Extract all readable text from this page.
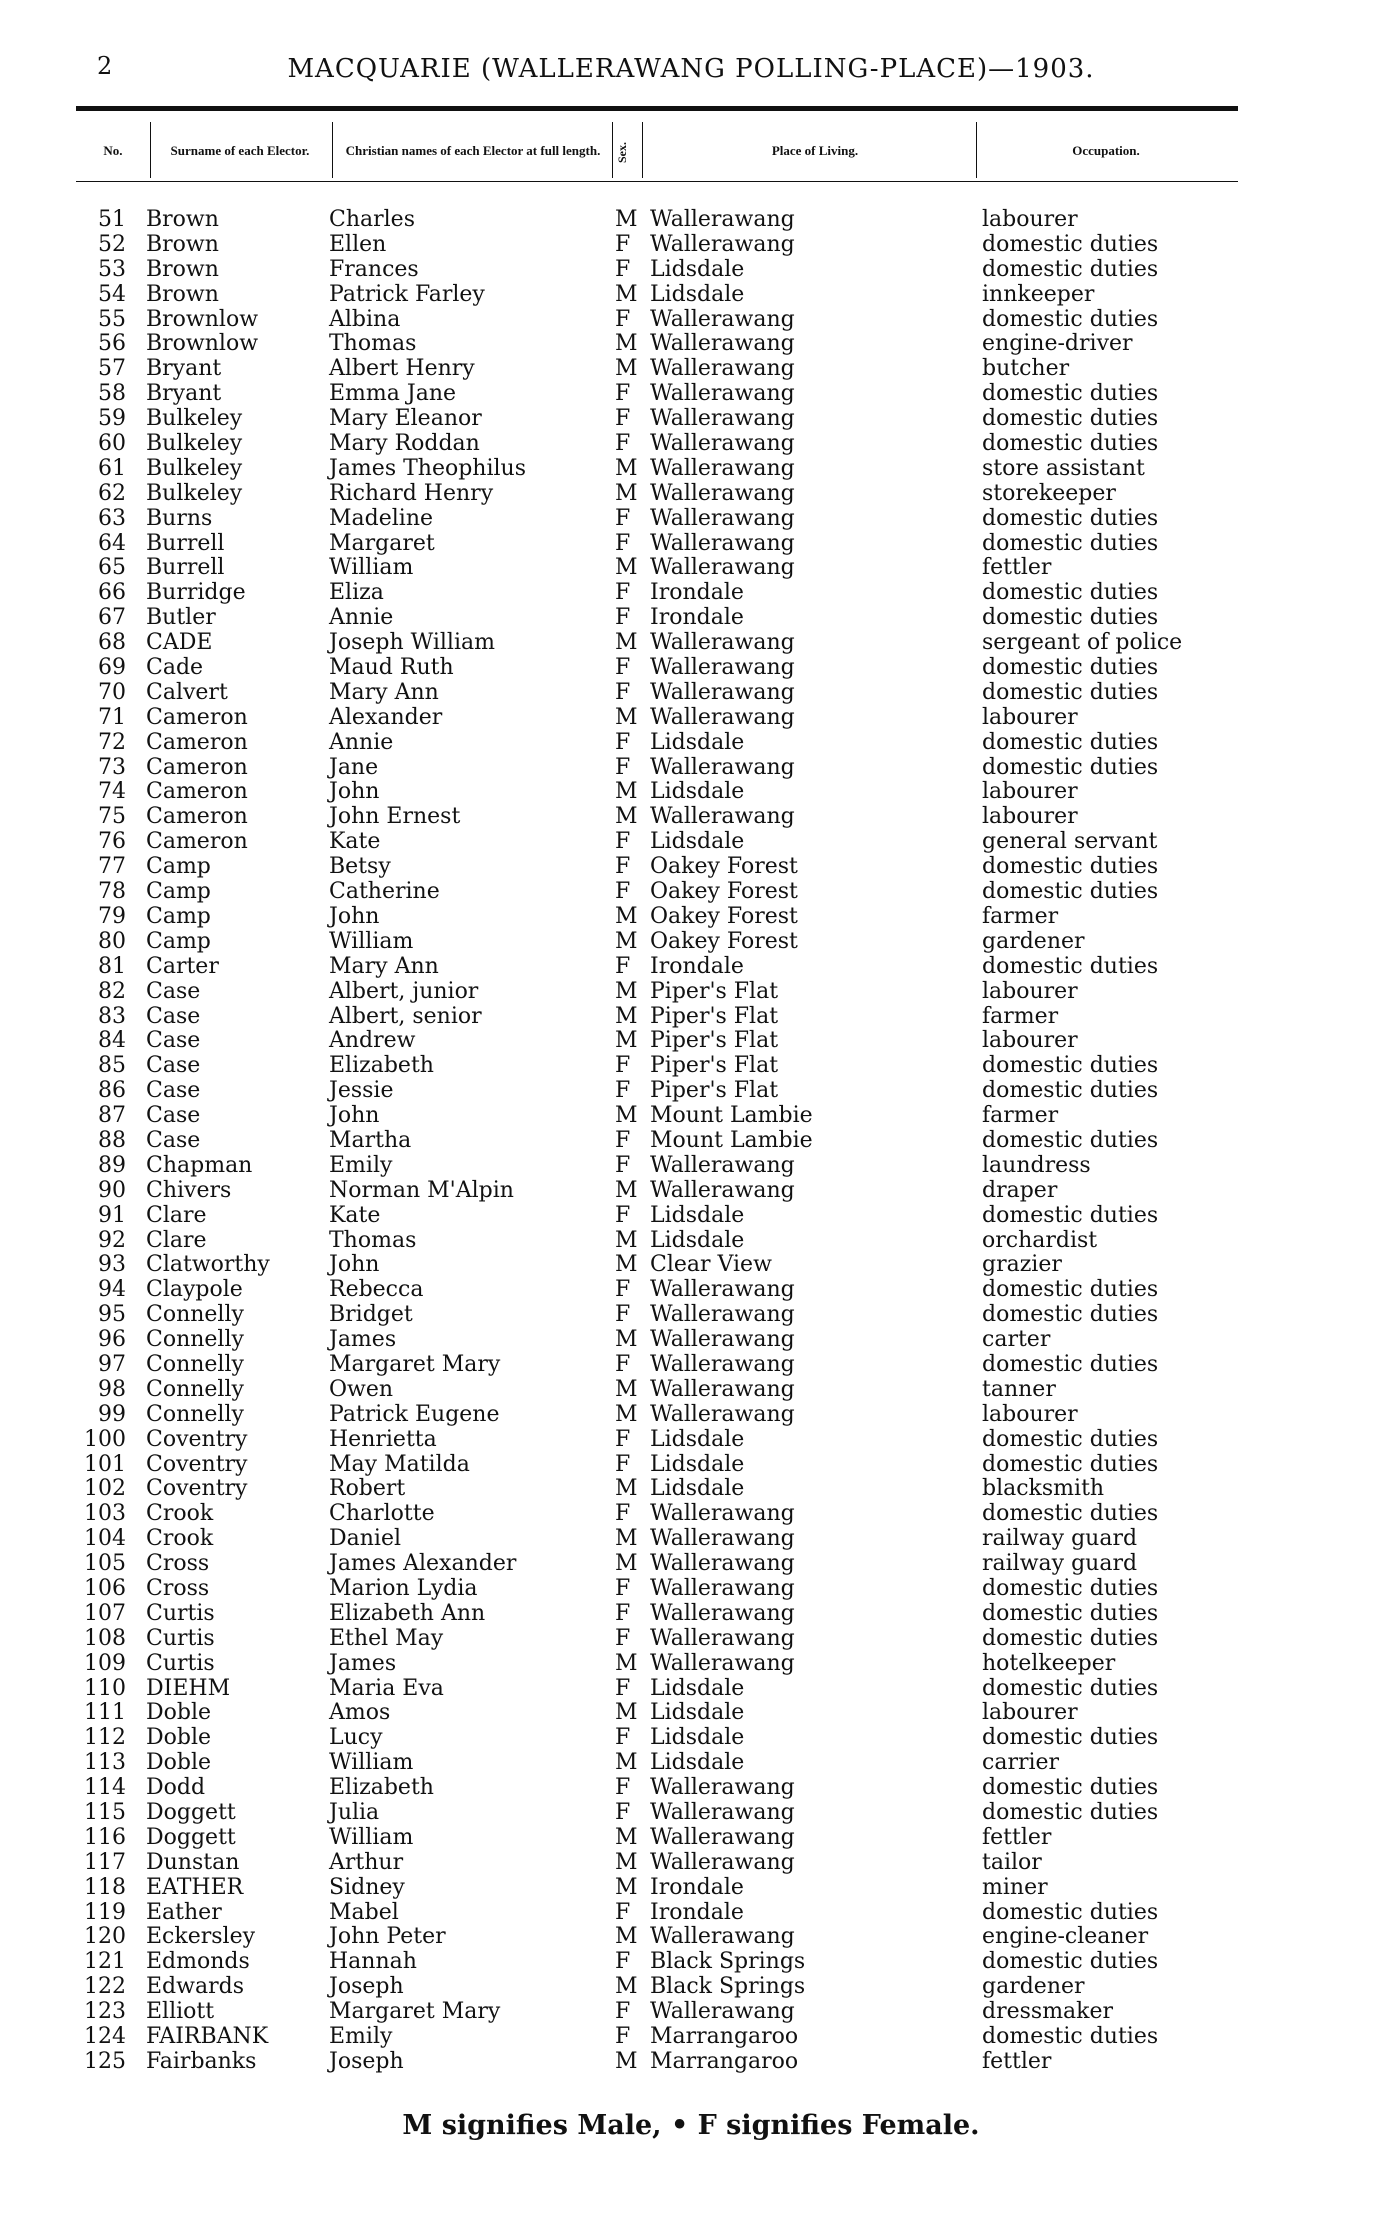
2	MACQUARIE (WALLERAWANG POLLING-PLACE)—1903.
No.	Surname of each Elector.	Christian names of each Elector at full length.	Sex.	Place of Living.	Occupation.
51 Brown	Charles	M Wallerawang	labourer
52 Brown	Ellen	F Wallerawang	domestic duties
53 Brown	Frances	F Lidsdale	domestic duties
54 Brown	Patrick Farley	M Lidsdale	innkeeper
55 Brownlow	Albina	F Wallerawang	domestic duties
56 Brownlow	Thomas	M Wallerawang	engine-driver
57 Bryant	Albert Henry	M Wallerawang	butcher
58 Bryant	Emma Jane	F Wallerawang	domestic duties
59 Bulkeley	Mary Eleanor	F Wallerawang	domestic duties
60 Bulkeley	Mary Roddan	F Wallerawang	domestic duties
61 Bulkeley	James Theophilus	M Wallerawang	store assistant
62 Bulkeley	Richard Henry	M Wallerawang	storekeeper
63 Burns	Madeline	F Wallerawang	domestic duties
64 Burrell	Margaret	F Wallerawang	domestic duties
65 Burrell	William	M Wallerawang	fettler
66 Burridge	Eliza	F Irondale	domestic duties
67 Butler	Annie	F Irondale	domestic duties
68 CADE	Joseph William	M Wallerawang	sergeant of police
69 Cade	Maud Ruth	F Wallerawang	domestic duties
70 Calvert	Mary Ann	F Wallerawang	domestic duties
71 Cameron	Alexander	M Wallerawang	labourer
72 Cameron	Annie	F Lidsdale	domestic duties
73 Cameron	Jane	F Wallerawang	domestic duties
74 Cameron	John	M Lidsdale	labourer
75 Cameron	John Ernest	M Wallerawang	labourer
76 Cameron	Kate	F Lidsdale	general servant
77 Camp	Betsy	F Oakey Forest	domestic duties
78 Camp	Catherine	F Oakey Forest	domestic duties
79 Camp	John	M Oakey Forest	farmer
80 Camp	William	M Oakey Forest	gardener
81 Carter	Mary Ann	F Irondale	domestic duties
82 Case	Albert, junior	M Piper's Flat	labourer
83 Case	Albert, senior	M Piper's Flat	farmer
84 Case	Andrew	M Piper's Flat	labourer
85 Case	Elizabeth	F Piper's Flat	domestic duties
86 Case	Jessie	F Piper's Flat	domestic duties
87 Case	John	M Mount Lambie	farmer
88 Case	Martha	F Mount Lambie	domestic duties
89 Chapman	Emily	F Wallerawang	laundress
90 Chivers	Norman M'Alpin	M Wallerawang	draper
91 Clare	Kate	F Lidsdale	domestic duties
92 Clare	Thomas	M Lidsdale	orchardist
93 Clatworthy	John	M Clear View	grazier
94 Claypole	Rebecca	F Wallerawang	domestic duties
95 Connelly	Bridget	F Wallerawang	domestic duties
96 Connelly	James	M Wallerawang	carter
97 Connelly	Margaret Mary	F Wallerawang	domestic duties
98 Connelly	Owen	M Wallerawang	tanner
99 Connelly	Patrick Eugene	M Wallerawang	labourer
100 Coventry	Henrietta	F Lidsdale	domestic duties
101 Coventry	May Matilda	F Lidsdale	domestic duties
102 Coventry	Robert	M Lidsdale	blacksmith
103 Crook	Charlotte	F Wallerawang	domestic duties
104 Crook	Daniel	M Wallerawang	railway guard
105 Cross	James Alexander	M Wallerawang	railway guard
106 Cross	Marion Lydia	F Wallerawang	domestic duties
107 Curtis	Elizabeth Ann	F Wallerawang	domestic duties
108 Curtis	Ethel May	F Wallerawang	domestic duties
109 Curtis	James	M Wallerawang	hotelkeeper
110 DIEHM	Maria Eva	F Lidsdale	domestic duties
111 Doble	Amos	M Lidsdale	labourer
112 Doble	Lucy	F Lidsdale	domestic duties
113 Doble	William	M Lidsdale	carrier
114 Dodd	Elizabeth	F Wallerawang	domestic duties
115 Doggett	Julia	F Wallerawang	domestic duties
116 Doggett	William	M Wallerawang	fettler
117 Dunstan	Arthur	M Wallerawang	tailor
118 EATHER	Sidney	M Irondale	miner
119 Eather	Mabel	F Irondale	domestic duties
120 Eckersley	John Peter	M Wallerawang	engine-cleaner
121 Edmonds	Hannah	F Black Springs	domestic duties
122 Edwards	Joseph	M Black Springs	gardener
123 Elliott	Margaret Mary	F Wallerawang	dressmaker
124 FAIRBANK	Emily	F Marrangaroo	domestic duties
125 Fairbanks	Joseph	M Marrangaroo	fettler
M signifies Male, • F signifies Female.
